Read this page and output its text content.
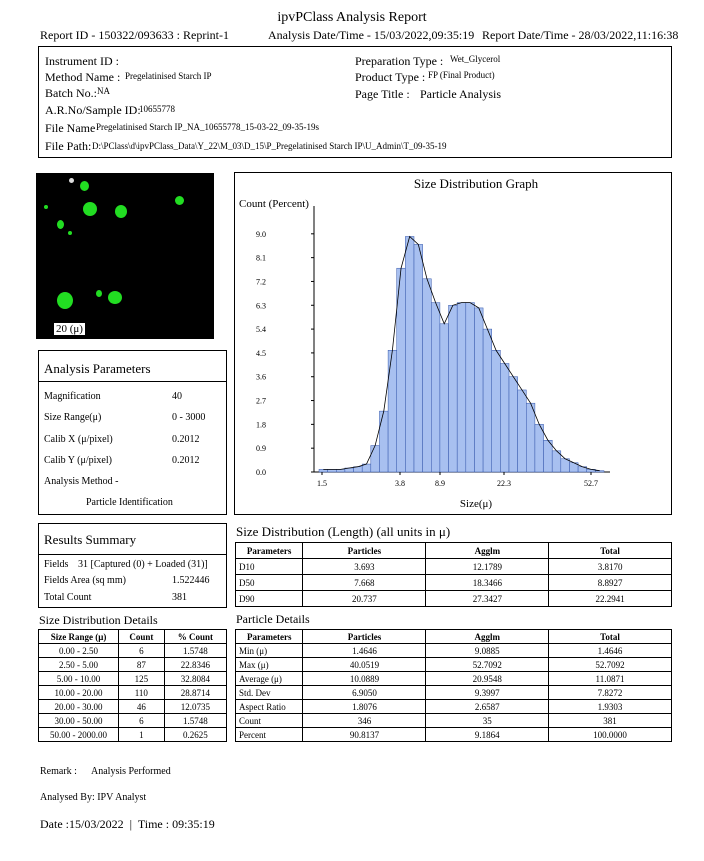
ipvPClass Analysis Report
Report ID - 150322/093633 : Reprint-1	Analysis Date/Time - 15/03/2022,09:35:19 Report Date/Time - 28/03/2022,11:16:38
Instrument ID :
Method Name : Pregelatinised Starch IP
Batch No.: NA
A.R.No/Sample ID:
10655778
File Name Pregelatinised Starch IP_NA_10655778_15-03-22_09-35-19s
File Path: D:\PClass\d\ipvPClass_Data\Y_22\M_03\D_15\P_Pregelatinised Starch IP\U_Admin\T_09-35-19
Preparation Type : Wet_Glycerol
Product Type : FP (Final Product)
Page Title : Particle Analysis
20 (μ)
Analysis Parameters
Magnification	40
Size Range(μ)	0 - 3000
Calib X (μ/pixel)	0.2012
Calib Y (μ/pixel)	0.2012
Analysis Method -
Particle Identification
Size Distribution Graph
Count (Percent)
Size(μ)
0.0
0.9
1.8
2.7
3.6
4.5
5.4
6.3
7.2
8.1
9.0
1.5	3.8	8.9	22.3	52.7
Results Summary
Fields 31 [Captured (0) + Loaded (31)]
Fields Area (sq mm)	1.522446
Total Count	381
Size Distribution (Length) (all units in μ)
Parameters	Particles	Agglm	Total
D10	3.693	12.1789	3.8170
D50	7.668	18.3466	8.8927
D90	20.737	27.3427	22.2941
Size Distribution Details
Size Range (μ)	Count	% Count
0.00 - 2.50	6	1.5748
2.50 - 5.00	87	22.8346
5.00 - 10.00	125	32.8084
10.00 - 20.00	110	28.8714
20.00 - 30.00	46	12.0735
30.00 - 50.00	6	1.5748
50.00 - 2000.00	1	0.2625
Particle Details
Parameters	Particles	Agglm	Total
Min (μ)	1.4646	9.0885	1.4646
Max (μ)	40.0519	52.7092	52.7092
Average (μ)	10.0889	20.9548	11.0871
Std. Dev	6.9050	9.3997	7.8272
Aspect Ratio	1.8076	2.6587	1.9303
Count	346	35	381
Percent	90.8137	9.1864	100.0000
Remark : Analysis Performed
Analysed By: IPV Analyst
Date :15/03/2022  |  Time : 09:35:19
